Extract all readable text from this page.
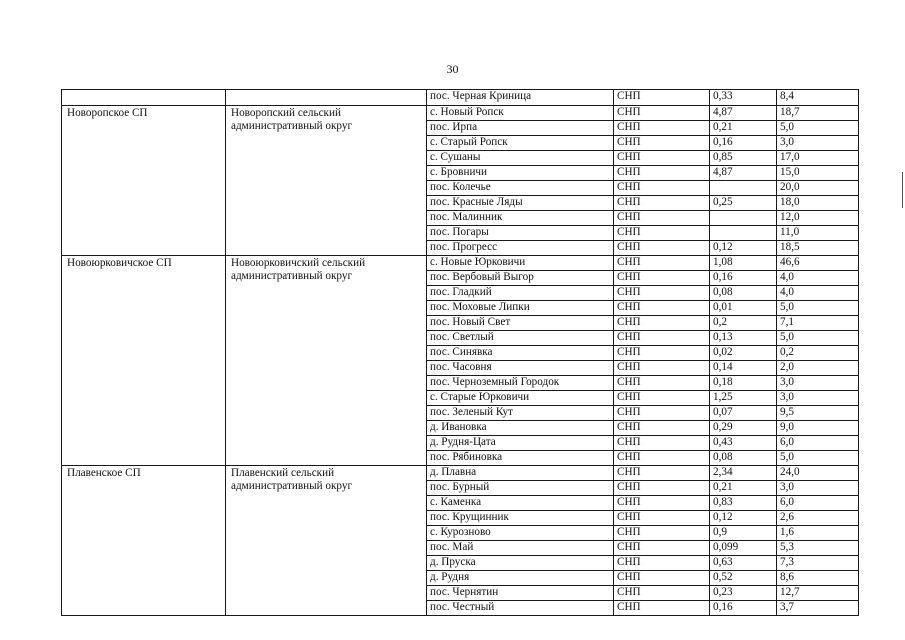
30
		пос. Черная Криница	СНП	0,33	8,4
Новоропское СП	Новоропский сельский административный округ	с. Новый Ропск	СНП	4,87	18,7
		пос. Ирпа	СНП	0,21	5,0
		с. Старый Ропск	СНП	0,16	3,0
		с. Сушаны	СНП	0,85	17,0
		с. Бровничи	СНП	4,87	15,0
		пос. Колечье	СНП		20,0
		пос. Красные Ляды	СНП	0,25	18,0
		пос. Малинник	СНП		12,0
		пос. Погары	СНП		11,0
		пос. Прогресс	СНП	0,12	18,5
Новоюрковичское СП	Новоюрковичский сельский административный округ	с. Новые Юрковичи	СНП	1,08	46,6
		пос. Вербовый Выгор	СНП	0,16	4,0
		пос. Гладкий	СНП	0,08	4,0
		пос. Моховые Липки	СНП	0,01	5,0
		пос. Новый Свет	СНП	0,2	7,1
		пос. Светлый	СНП	0,13	5,0
		пос. Синявка	СНП	0,02	0,2
		пос. Часовня	СНП	0,14	2,0
		пос. Черноземный Городок	СНП	0,18	3,0
		с. Старые Юрковичи	СНП	1,25	3,0
		пос. Зеленый Кут	СНП	0,07	9,5
		д. Ивановка	СНП	0,29	9,0
		д. Рудня-Цата	СНП	0,43	6,0
		пос. Рябиновка	СНП	0,08	5,0
Плавенское СП	Плавенский сельский административный округ	д. Плавна	СНП	2,34	24,0
		пос. Бурный	СНП	0,21	3,0
		с. Каменка	СНП	0,83	6,0
		пос. Крущинник	СНП	0,12	2,6
		с. Курозново	СНП	0,9	1,6
		пос. Май	СНП	0,099	5,3
		д. Пруска	СНП	0,63	7,3
		д. Рудня	СНП	0,52	8,6
		пос. Чернятин	СНП	0,23	12,7
		пос. Честный	СНП	0,16	3,7
